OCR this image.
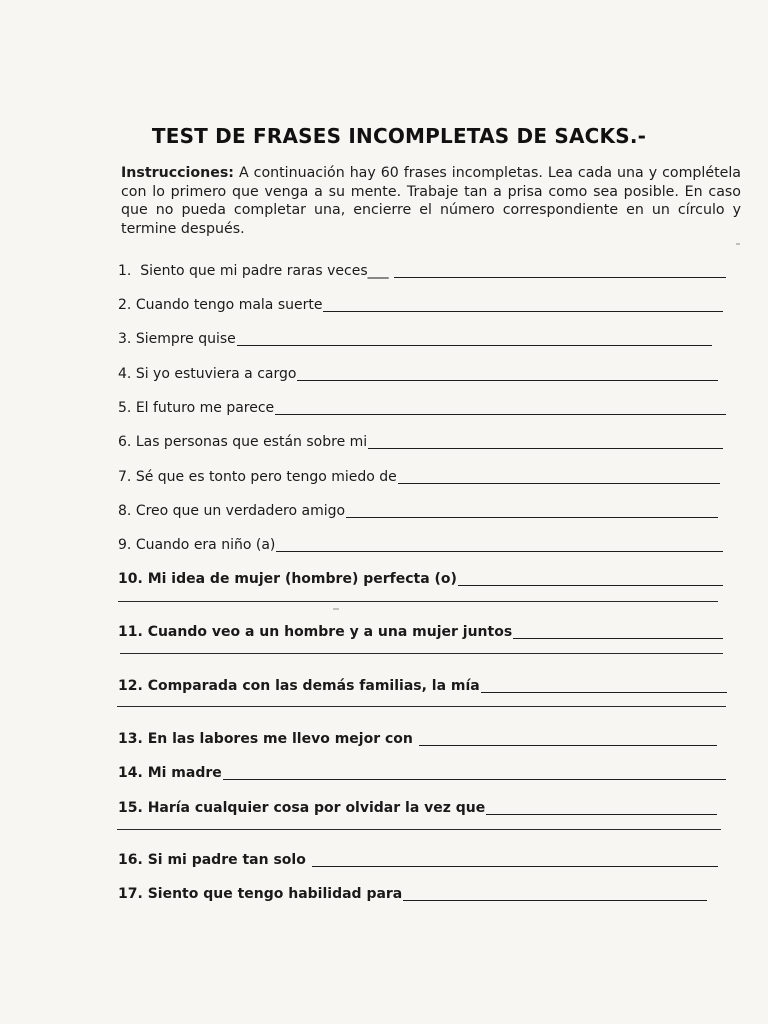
TEST DE FRASES INCOMPLETAS DE SACKS.-
Instrucciones: A continuación hay 60 frases incompletas. Lea cada una y complétela con lo primero que venga a su mente. Trabaje tan a prisa como sea posible. En caso que no pueda completar una, encierre el número correspondiente en un círculo y termine después.
1. Siento que mi padre raras veces___
2. Cuando tengo mala suerte
3. Siempre quise
4. Si yo estuviera a cargo
5. El futuro me parece
6. Las personas que están sobre mi
7. Sé que es tonto pero tengo miedo de
8. Creo que un verdadero amigo
9. Cuando era niño (a)
10. Mi idea de mujer (hombre) perfecta (o)
11. Cuando veo a un hombre y a una mujer juntos
12. Comparada con las demás familias, la mía
13. En las labores me llevo mejor con
14. Mi madre
15. Haría cualquier cosa por olvidar la vez que
16. Si mi padre tan solo
17. Siento que tengo habilidad para
